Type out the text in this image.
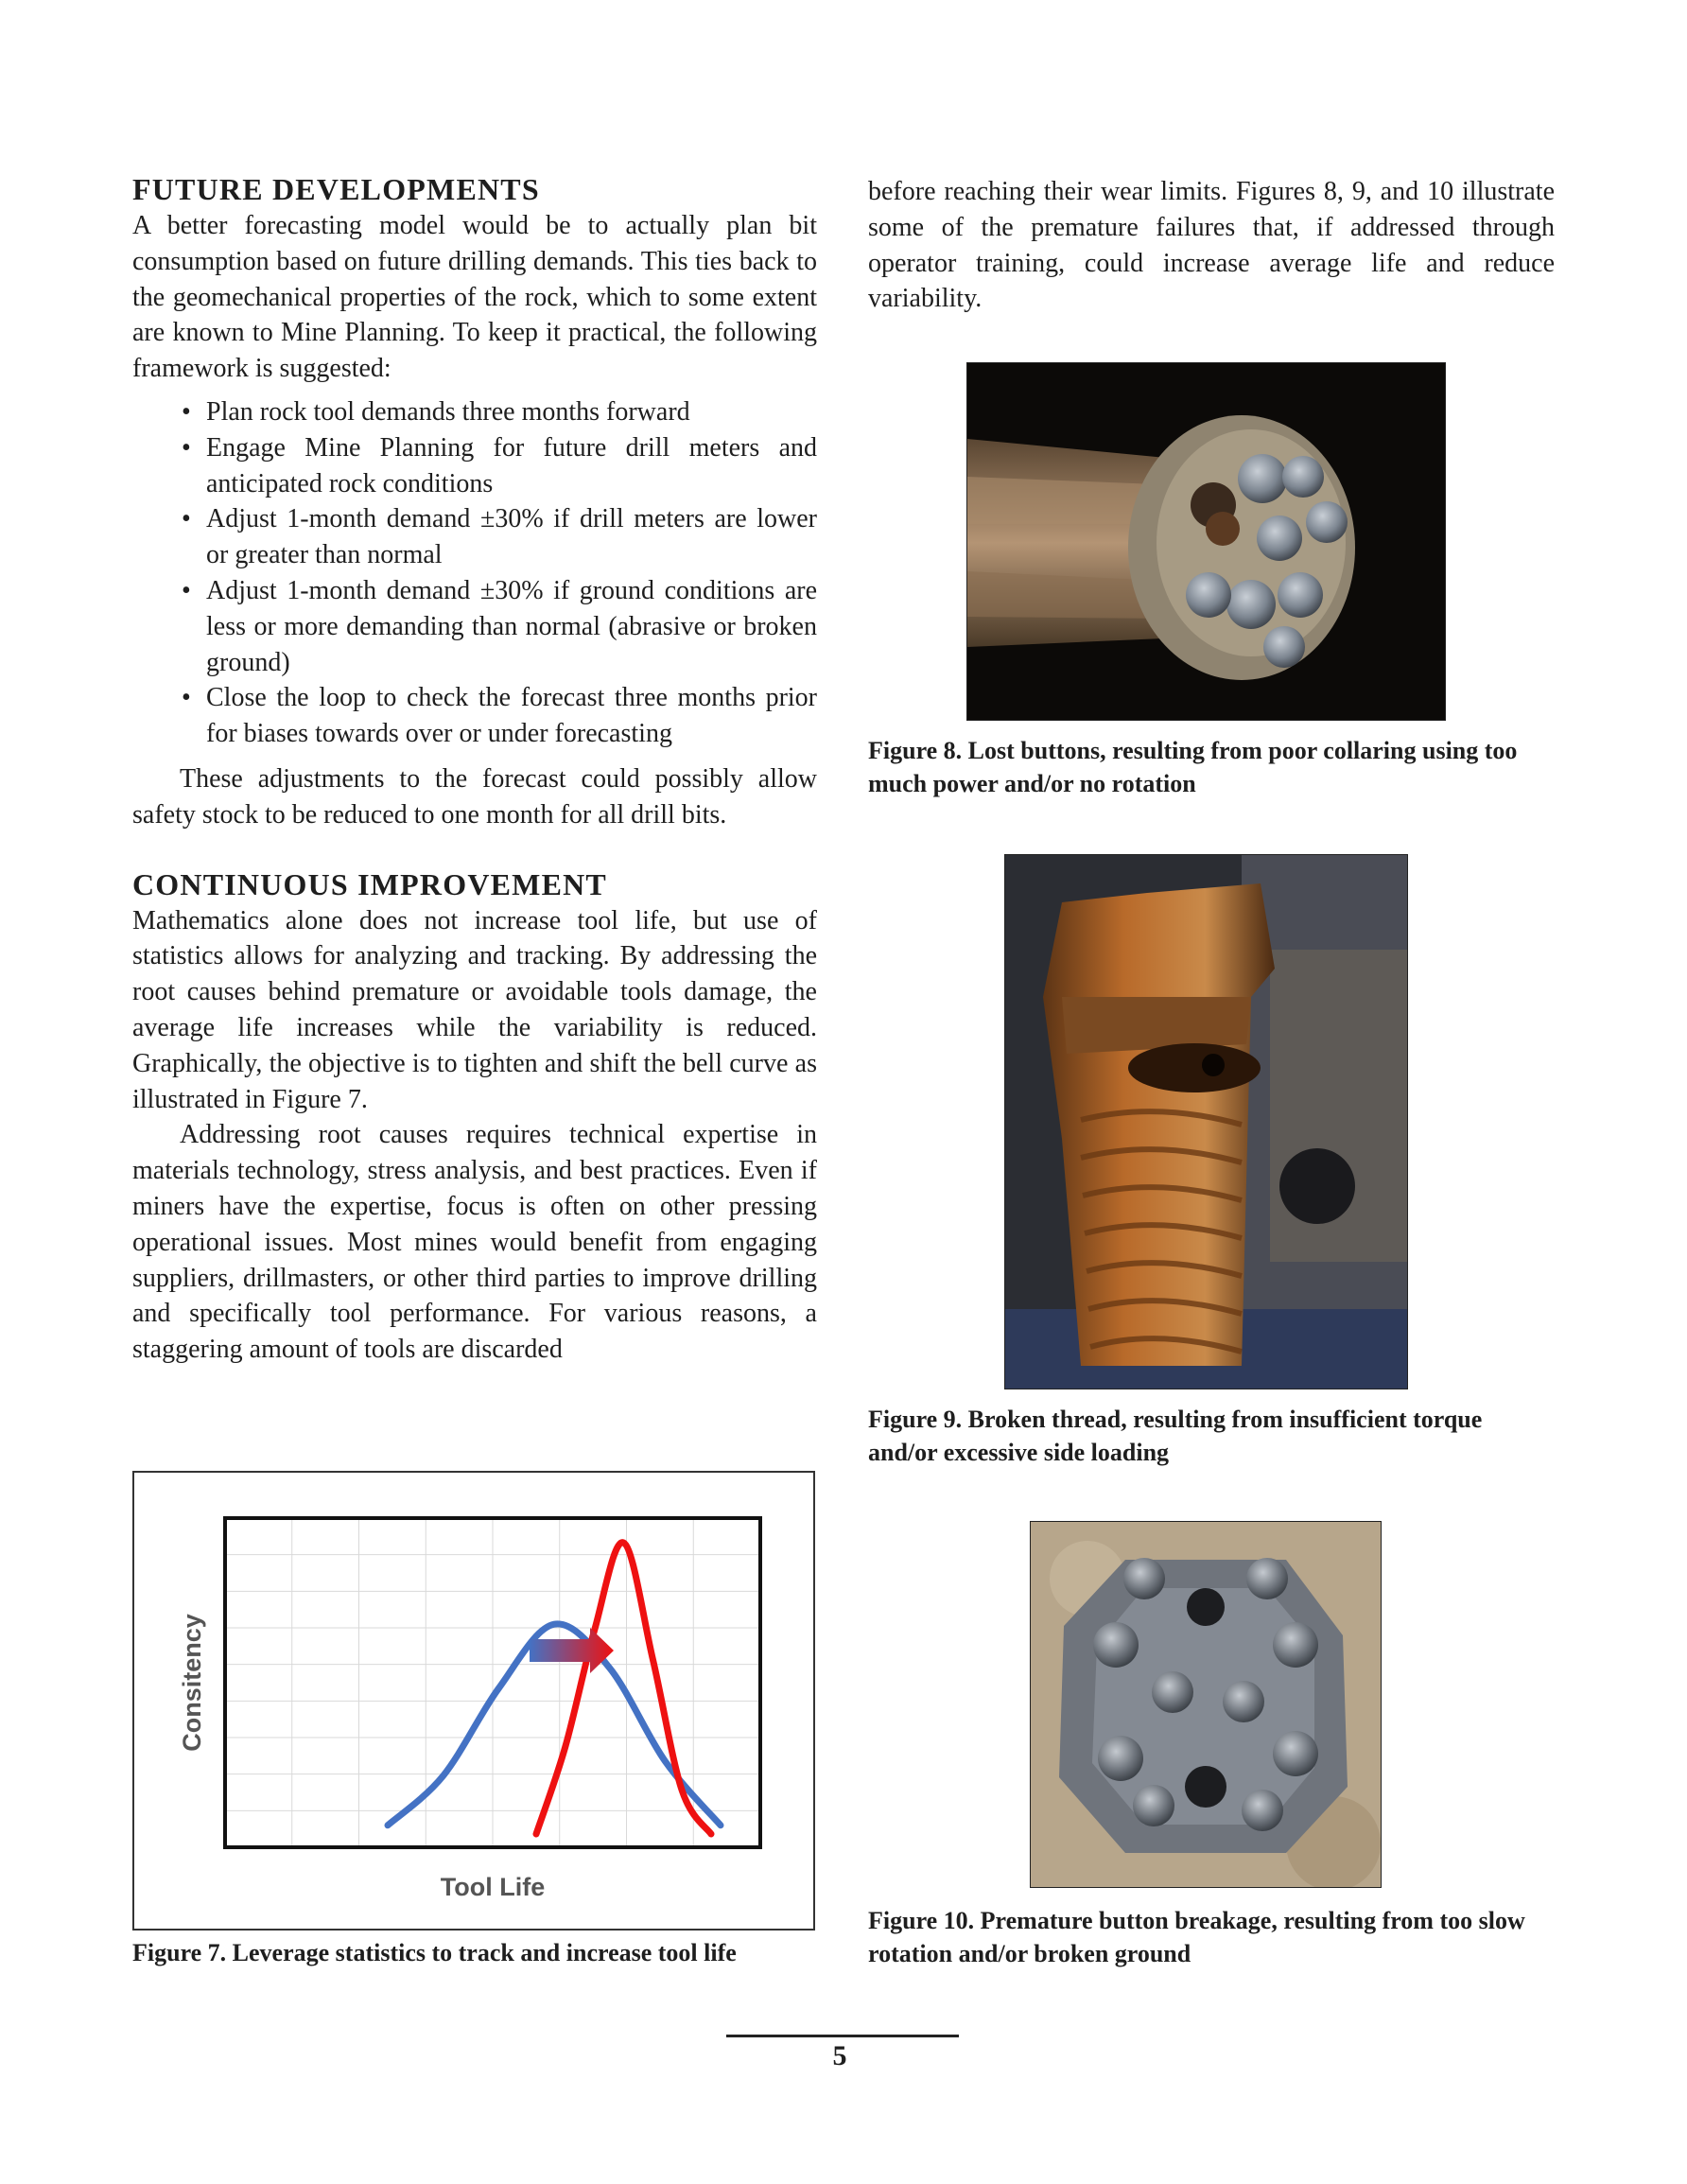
FUTURE DEVELOPMENTS

A better forecasting model would be to actually plan bit consumption based on future drilling demands. This ties back to the geomechanical properties of the rock, which to some extent are known to Mine Planning. To keep it practical, the following framework is suggested:

• Plan rock tool demands three months forward
• Engage Mine Planning for future drill meters and anticipated rock conditions
• Adjust 1-month demand ±30% if drill meters are lower or greater than normal
• Adjust 1-month demand ±30% if ground conditions are less or more demanding than normal (abrasive or broken ground)
• Close the loop to check the forecast three months prior for biases towards over or under forecasting

These adjustments to the forecast could possibly allow safety stock to be reduced to one month for all drill bits.

CONTINUOUS IMPROVEMENT

Mathematics alone does not increase tool life, but use of statistics allows for analyzing and tracking. By addressing the root causes behind premature or avoidable tools damage, the average life increases while the variability is reduced. Graphically, the objective is to tighten and shift the bell curve as illustrated in Figure 7.

Addressing root causes requires technical expertise in materials technology, stress analysis, and best practices. Even if miners have the expertise, focus is often on other pressing operational issues. Most mines would benefit from engaging suppliers, drillmasters, or other third parties to improve drilling and specifically tool performance. For various reasons, a staggering amount of tools are discarded

Tool Life
Consitency
Figure 7. Leverage statistics to track and increase tool life

before reaching their wear limits. Figures 8, 9, and 10 illustrate some of the premature failures that, if addressed through operator training, could increase average life and reduce variability.

Figure 8. Lost buttons, resulting from poor collaring using too much power and/or no rotation
Figure 9. Broken thread, resulting from insufficient torque and/or excessive side loading
Figure 10. Premature button breakage, resulting from too slow rotation and/or broken ground
5
